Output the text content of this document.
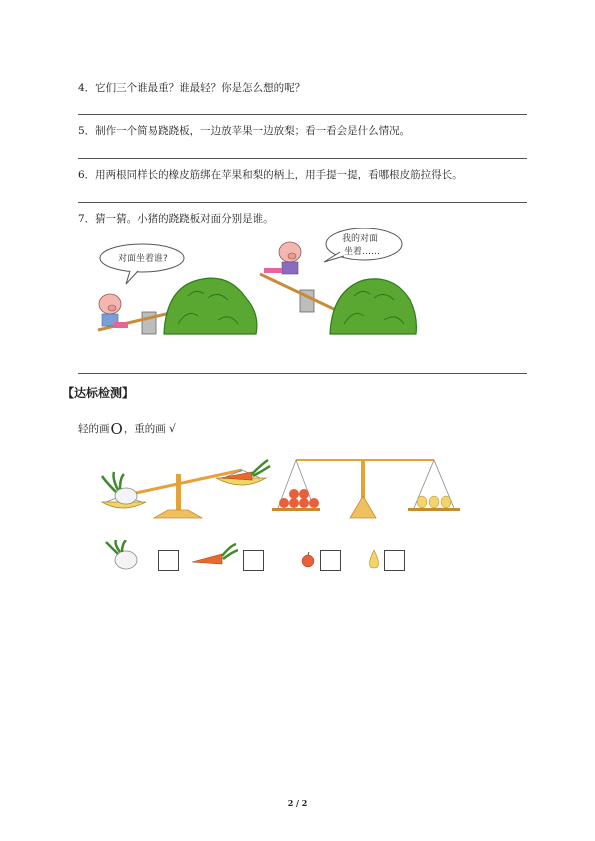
4．它们三个谁最重？谁最轻？你是怎么想的呢？
5．制作一个简易跷跷板，一边放苹果一边放梨；看一看会是什么情况。
6．用两根同样长的橡皮筋绑在苹果和梨的柄上，用手提一提，看哪根皮筋拉得长。
7．猜一猜。小猪的跷跷板对面分别是谁。
对面坐着谁?
我的对面
坐着……
【达标检测】
轻的画O，重的画 √
2 / 2
